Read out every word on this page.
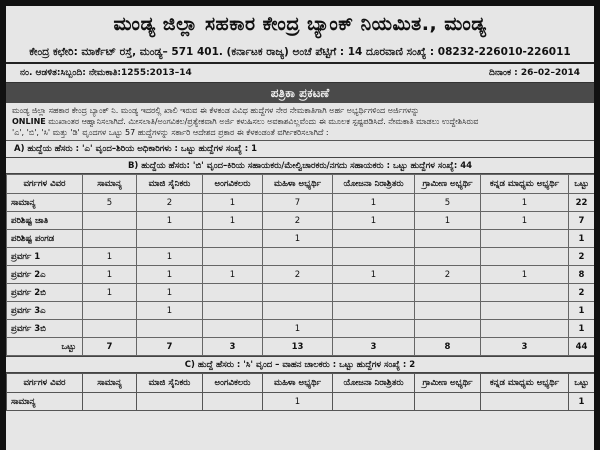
ಮಂಡ್ಯ ಜಿಲ್ಲಾ ಸಹಕಾರ ಕೇಂದ್ರ ಬ್ಯಾಂಕ್ ನಿಯಮಿತ., ಮಂಡ್ಯ
ಕೇಂದ್ರ ಕಛೇರಿ: ಮಾರ್ಕೆಟ್ ರಸ್ತೆ, ಮಂಡ್ಯ– 571 401. (ಕರ್ನಾಟಕ ರಾಜ್ಯ) ಅಂಚೆ ಪೆಟ್ಟಿಗೆ : 14 ದೂರವಾಣಿ ಸಂಖ್ಯೆ : 08232-226010-226011
ನಂ. ಆಡಳಿತ:ಸಿಬ್ಬಂದಿ: ನೇಮಕಾತಿ:1255:2013–14	ದಿನಾಂಕ : 26–02–2014
ಪತ್ರಿಕಾ ಪ್ರಕಟಣೆ
ಮಂಡ್ಯ ಜಿಲ್ಲಾ ಸಹಕಾರ ಕೇಂದ್ರ ಬ್ಯಾಂಕ್ ನಿ. ಮಂಡ್ಯ ಇದರಲ್ಲಿ ಖಾಲಿ ಇರುವ ಈ ಕೆಳಕಂಡ ವಿವಿಧ ಹುದ್ದೆಗಳ ನೇರ ನೇಮಕಾತಿಗಾಗಿ ಅರ್ಹ ಅಭ್ಯರ್ಥಿಗಳಿಂದ ಅರ್ಜಿಗಳನ್ನು
ONLINE ಮುಖಾಂತರ ಆಹ್ವಾನಿಸಲಾಗಿದೆ. ಮೀಸಲಾತಿ/ಅಂಗವಿಕಲ/ಪ್ರತ್ಯೇಕವಾಗಿ ಅರ್ಜಿ ಕಳುಹಿಸಲು ಅವಕಾಶವಿಲ್ಲವೆಂದು ಈ ಮೂಲಕ ಸ್ಪಷ್ಟಪಡಿಸಿದೆ. ನೇಮಕಾತಿ ಮಾಡಲು ಉದ್ದೇಶಿಸಿರುವ
'ಎ', 'ಬಿ', 'ಸಿ' ಮತ್ತು 'ಡಿ' ವೃಂದಗಳ ಒಟ್ಟು 57 ಹುದ್ದೆಗಳನ್ನು ಸರ್ಕಾರಿ ಆದೇಶದ ಪ್ರಕಾರ ಈ ಕೆಳಕಂಡಂತೆ ವರ್ಗೀಕರಿಸಲಾಗಿದೆ :
A) ಹುದ್ದೆಯ ಹೆಸರು : 'ಎ' ವೃಂದ–ಶಿರಿಯ ಅಧಿಕಾರಿಗಳು : ಒಟ್ಟು ಹುದ್ದೆಗಳ ಸಂಖ್ಯೆ : 1
B) ಹುದ್ದೆಯ ಹೆಸರು: 'ಬಿ' ವೃಂದ–ಕಿರಿಯ ಸಹಾಯಕರು/ಮೇಲ್ವಿಚಾರಕರು/ನಗದು ಸಹಾಯಕರು : ಒಟ್ಟು ಹುದ್ದೆಗಳ ಸಂಖ್ಯೆ: 44
ವರ್ಗಗಳ ವಿವರ	ಸಾಮಾನ್ಯ	ಮಾಜಿ ಸೈನಿಕರು	ಅಂಗವಿಕಲರು	ಮಹಿಳಾ ಅಭ್ಯರ್ಥಿ	ಯೋಜನಾ ನಿರಾಶ್ರಿತರು	ಗ್ರಾಮೀಣ ಅಭ್ಯರ್ಥಿ	ಕನ್ನಡ ಮಾಧ್ಯಮ ಅಭ್ಯರ್ಥಿ	ಒಟ್ಟು
ಸಾಮಾನ್ಯ	5	2	1	7	1	5	1	22
ಪರಿಶಿಷ್ಟ ಜಾತಿ		1	1	2	1	1	1	7
ಪರಿಶಿಷ್ಟ ಪಂಗಡ				1				1
ಪ್ರವರ್ಗ 1	1	1						2
ಪ್ರವರ್ಗ 2ಎ	1	1	1	2	1	2	1	8
ಪ್ರವರ್ಗ 2ಬಿ	1	1						2
ಪ್ರವರ್ಗ 3ಎ		1						1
ಪ್ರವರ್ಗ 3ಬಿ				1				1
ಒಟ್ಟು	7	7	3	13	3	8	3	44
C) ಹುದ್ದೆ ಹೆಸರು : 'ಸಿ' ವೃಂದ – ವಾಹನ ಚಾಲಕರು : ಒಟ್ಟು ಹುದ್ದೆಗಳ ಸಂಖ್ಯೆ : 2
ವರ್ಗಗಳ ವಿವರ	ಸಾಮಾನ್ಯ	ಮಾಜಿ ಸೈನಿಕರು	ಅಂಗವಿಕಲರು	ಮಹಿಳಾ ಅಭ್ಯರ್ಥಿ	ಯೋಜನಾ ನಿರಾಶ್ರಿತರು	ಗ್ರಾಮೀಣ ಅಭ್ಯರ್ಥಿ	ಕನ್ನಡ ಮಾಧ್ಯಮ ಅಭ್ಯರ್ಥಿ	ಒಟ್ಟು
ಸಾಮಾನ್ಯ				1				1
